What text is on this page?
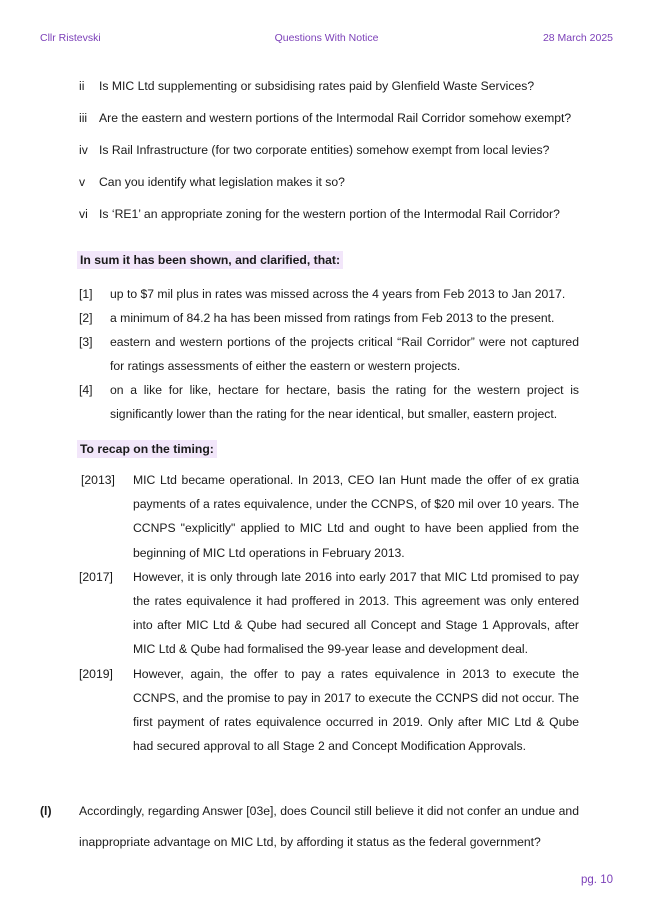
Cllr Ristevski	Questions With Notice	28 March 2025
ii Is MIC Ltd supplementing or subsidising rates paid by Glenfield Waste Services?
iii Are the eastern and western portions of the Intermodal Rail Corridor somehow exempt?
iv Is Rail Infrastructure (for two corporate entities) somehow exempt from local levies?
v Can you identify what legislation makes it so?
vi Is ‘RE1’ an appropriate zoning for the western portion of the Intermodal Rail Corridor?
In sum it has been shown, and clarified, that:
[1] up to $7 mil plus in rates was missed across the 4 years from Feb 2013 to Jan 2017.
[2] a minimum of 84.2 ha has been missed from ratings from Feb 2013 to the present.
[3] eastern and western portions of the projects critical “Rail Corridor” were not captured for ratings assessments of either the eastern or western projects.
[4] on a like for like, hectare for hectare, basis the rating for the western project is significantly lower than the rating for the near identical, but smaller, eastern project.
To recap on the timing:
[2013] MIC Ltd became operational. In 2013, CEO Ian Hunt made the offer of ex gratia payments of a rates equivalence, under the CCNPS, of $20 mil over 10 years. The CCNPS "explicitly" applied to MIC Ltd and ought to have been applied from the beginning of MIC Ltd operations in February 2013.
[2017] However, it is only through late 2016 into early 2017 that MIC Ltd promised to pay the rates equivalence it had proffered in 2013. This agreement was only entered into after MIC Ltd & Qube had secured all Concept and Stage 1 Approvals, after MIC Ltd & Qube had formalised the 99-year lease and development deal.
[2019] However, again, the offer to pay a rates equivalence in 2013 to execute the CCNPS, and the promise to pay in 2017 to execute the CCNPS did not occur. The first payment of rates equivalence occurred in 2019. Only after MIC Ltd & Qube had secured approval to all Stage 2 and Concept Modification Approvals.
(l) Accordingly, regarding Answer [03e], does Council still believe it did not confer an undue and inappropriate advantage on MIC Ltd, by affording it status as the federal government?
pg. 10
